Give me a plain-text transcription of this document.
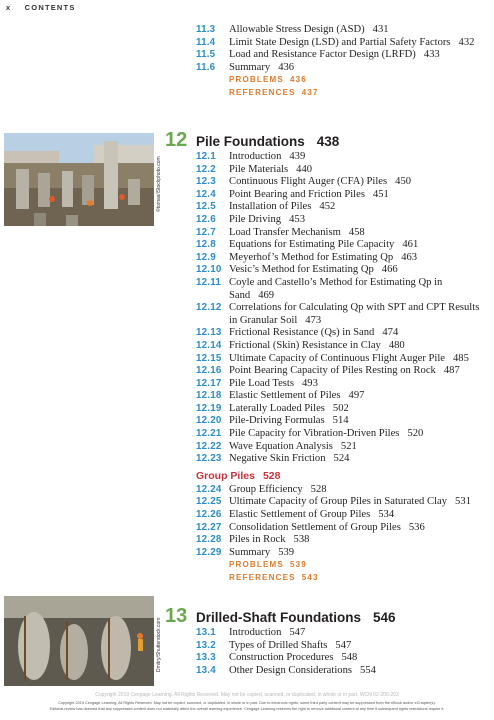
x CONTENTS
11.3	Allowable Stress Design (ASD) 431
11.4	Limit State Design (LSD) and Partial Safety Factors 432
11.5	Load and Resistance Factor Design (LRFD) 433
11.6	Summary 436
PROBLEMS 436
REFERENCES 437
©tomas/iStockphoto.com
12 Pile Foundations 438
12.1	Introduction 439
12.2	Pile Materials 440
12.3	Continuous Flight Auger (CFA) Piles 450
12.4	Point Bearing and Friction Piles 451
12.5	Installation of Piles 452
12.6	Pile Driving 453
12.7	Load Transfer Mechanism 458
12.8	Equations for Estimating Pile Capacity 461
12.9	Meyerhof’s Method for Estimating Qp 463
12.10 Vesic’s Method for Estimating Qp 466
12.11 Coyle and Castello’s Method for Estimating Qp in Sand 469
12.12 Correlations for Calculating Qp with SPT and CPT Results in Granular Soil 473
12.13 Frictional Resistance (Qs) in Sand 474
12.14 Frictional (Skin) Resistance in Clay 480
12.15 Ultimate Capacity of Continuous Flight Auger Pile 485
12.16 Point Bearing Capacity of Piles Resting on Rock 487
12.17 Pile Load Tests 493
12.18 Elastic Settlement of Piles 497
12.19 Laterally Loaded Piles 502
12.20 Pile-Driving Formulas 514
12.21 Pile Capacity for Vibration-Driven Piles 520
12.22 Wave Equation Analysis 521
12.23 Negative Skin Friction 524
Group Piles 528
12.24 Group Efficiency 528
12.25 Ultimate Capacity of Group Piles in Saturated Clay 531
12.26 Elastic Settlement of Group Piles 534
12.27 Consolidation Settlement of Group Piles 536
12.28 Piles in Rock 538
12.29 Summary 539
PROBLEMS 539
REFERENCES 543
Dmitry/Shutterstock.com
13 Drilled-Shaft Foundations 546
13.1	Introduction 547
13.2	Types of Drilled Shafts 547
13.3	Construction Procedures 548
13.4	Other Design Considerations 554
Copyright 2019 Cengage Learning. All Rights Reserved. May not be copied, scanned, or duplicated, in whole or in part. WCN 02-200-203
Copyright 2019 Cengage Learning. All Rights Reserved. May not be copied, scanned, or duplicated, in whole or in part. Due to electronic rights, some third party content may be suppressed from the eBook and/or eChapter(s).
Editorial review has deemed that any suppressed content does not materially affect the overall learning experience. Cengage Learning reserves the right to remove additional content at any time if subsequent rights restrictions require it.
